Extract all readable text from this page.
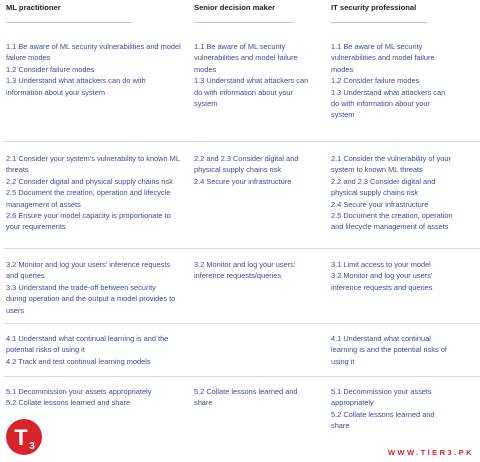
ML practitioner	Senior decision maker	IT security professional

1.1 Be aware of ML security vulnerabilities and model failure modes

1.2 Consider failure modes

1.3 Understand what attackers can do with information about your system

1.1 Be aware of ML security vulnerabilities and model failure modes

1.3 Understand what attackers can do with information about your system

1.1 Be aware of ML security vulnerabilities and model failure modes

1.2 Consider failure modes

1.3 Understand what attackers can do with information about your system

2.1 Consider your system's vulnerability to known ML threats

2.2 Consider digital and physical supply chains risk

2.5 Document the creation, operation and lifecycle management of assets

2.6 Ensure your model capacity is proportionate to your requirements

2.2 and 2.3 Consider digital and physical supply chains risk

2.4 Secure your infrastructure

2.1 Consider the vulnerability of your system to known ML threats

2.2 and 2.3 Consider digital and physical supply chains risk

2.4 Secure your infrastructure

2.5 Document the creation, operation and lifecycle management of assets

3.2 Monitor and log your users' inference requests and queries

3.3 Understand the trade-off between security during operation and the output a model provides to users

3.2 Monitor and log your users' inference requests/queries

3.1 Limit access to your model

3.2 Monitor and log your users' inference requests and queries

4.1 Understand what continual learning is and the potential risks of using it

4.2 Track and test continual learning models

4.1 Understand what continual learning is and the potential risks of using it

5.1 Decommission your assets appropriately

5.2 Collate lessons learned and share

5.2 Collate lessons learned and share

5.1 Decommission your assets appropriately

5.2 Collate lessons learned and share

T 3
WWW.TIER3.PK
